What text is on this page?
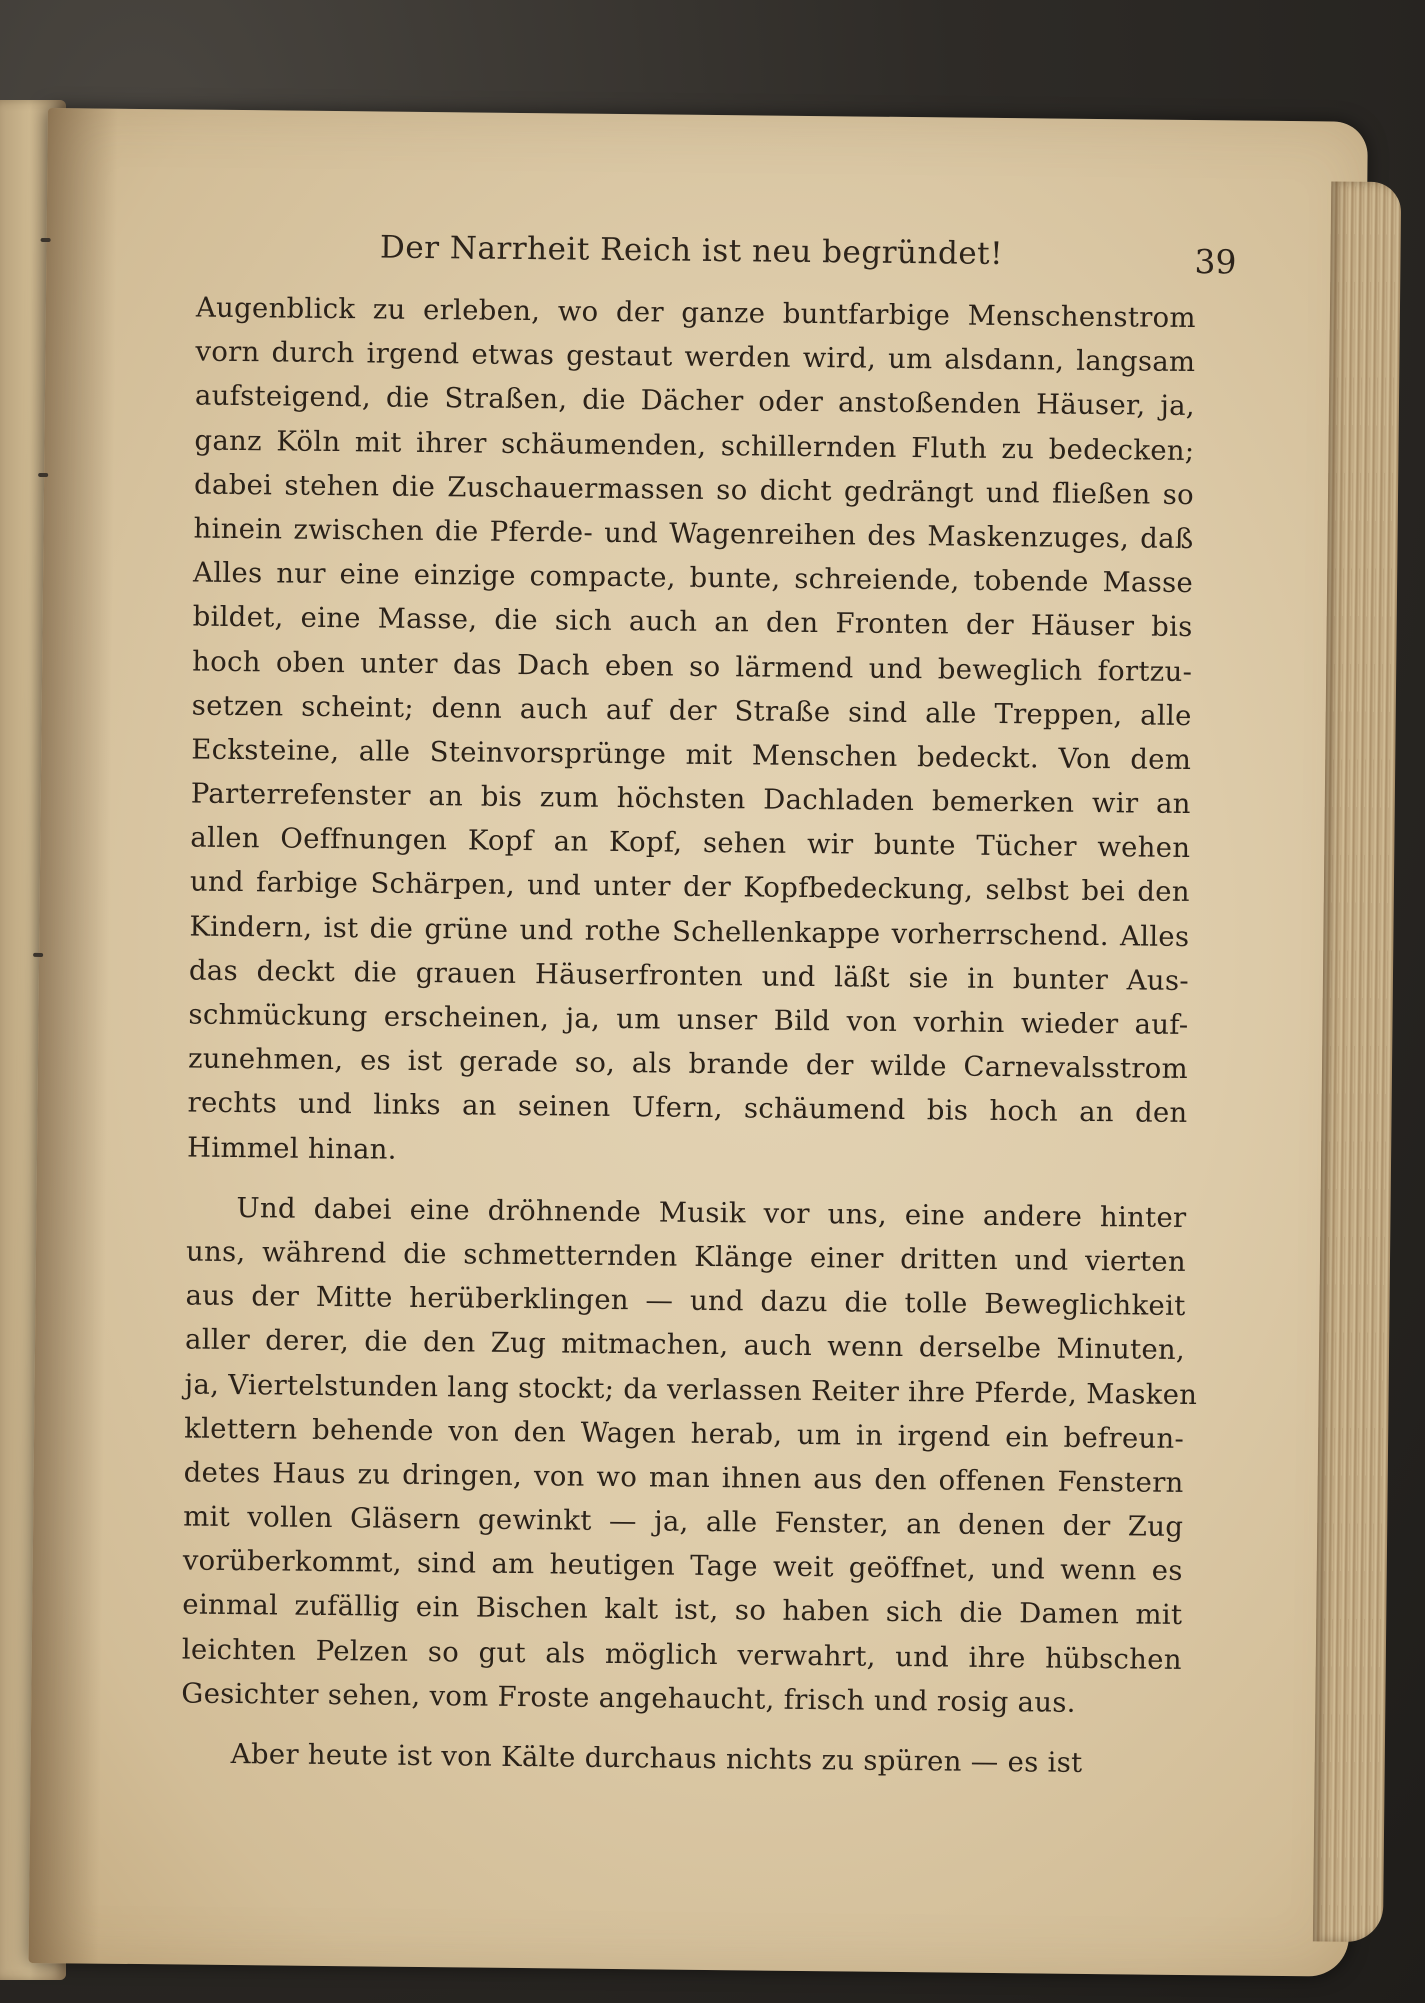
Der Narrheit Reich ist neu begründet!	39
Augenblick zu erleben, wo der ganze buntfarbige Menschenstrom
vorn durch irgend etwas gestaut werden wird, um alsdann, langsam
aufsteigend, die Straßen, die Dächer oder anstoßenden Häuser, ja,
ganz Köln mit ihrer schäumenden, schillernden Fluth zu bedecken;
dabei stehen die Zuschauermassen so dicht gedrängt und fließen so
hinein zwischen die Pferde- und Wagenreihen des Maskenzuges, daß
Alles nur eine einzige compacte, bunte, schreiende, tobende Masse
bildet, eine Masse, die sich auch an den Fronten der Häuser bis
hoch oben unter das Dach eben so lärmend und beweglich fortzu-
setzen scheint; denn auch auf der Straße sind alle Treppen, alle
Ecksteine, alle Steinvorsprünge mit Menschen bedeckt. Von dem
Parterrefenster an bis zum höchsten Dachladen bemerken wir an
allen Oeffnungen Kopf an Kopf, sehen wir bunte Tücher wehen
und farbige Schärpen, und unter der Kopfbedeckung, selbst bei den
Kindern, ist die grüne und rothe Schellenkappe vorherrschend. Alles
das deckt die grauen Häuserfronten und läßt sie in bunter Aus-
schmückung erscheinen, ja, um unser Bild von vorhin wieder auf-
zunehmen, es ist gerade so, als brande der wilde Carnevalsstrom
rechts und links an seinen Ufern, schäumend bis hoch an den
Himmel hinan.
Und dabei eine dröhnende Musik vor uns, eine andere hinter
uns, während die schmetternden Klänge einer dritten und vierten
aus der Mitte herüberklingen — und dazu die tolle Beweglichkeit
aller derer, die den Zug mitmachen, auch wenn derselbe Minuten,
ja, Viertelstunden lang stockt; da verlassen Reiter ihre Pferde, Masken
klettern behende von den Wagen herab, um in irgend ein befreun-
detes Haus zu dringen, von wo man ihnen aus den offenen Fenstern
mit vollen Gläsern gewinkt — ja, alle Fenster, an denen der Zug
vorüberkommt, sind am heutigen Tage weit geöffnet, und wenn es
einmal zufällig ein Bischen kalt ist, so haben sich die Damen mit
leichten Pelzen so gut als möglich verwahrt, und ihre hübschen
Gesichter sehen, vom Froste angehaucht, frisch und rosig aus.
Aber heute ist von Kälte durchaus nichts zu spüren — es ist
